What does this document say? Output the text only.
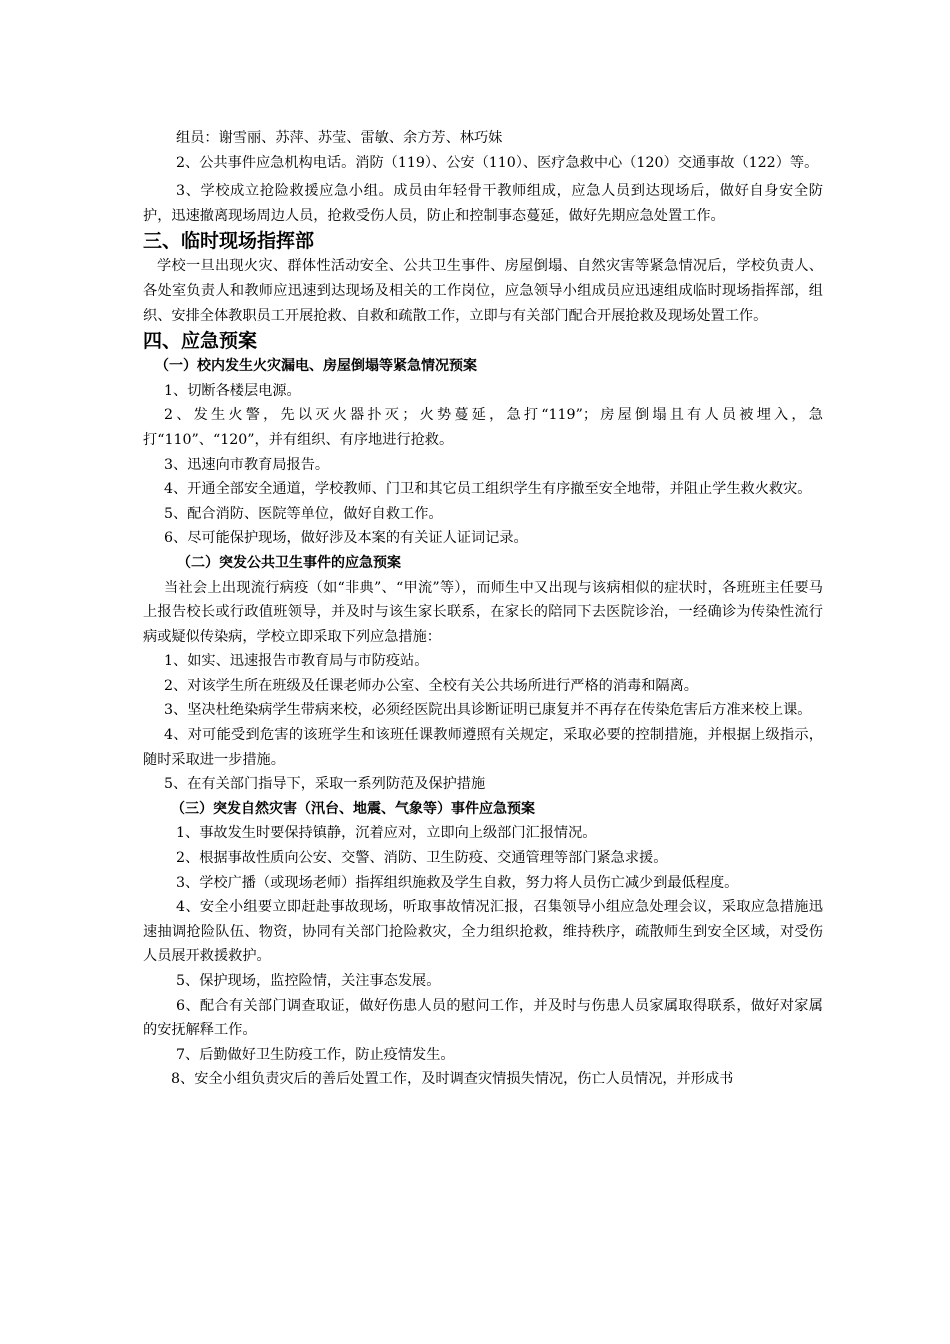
组员：谢雪丽、苏萍、苏莹、雷敏、余方芳、林巧妹

2、公共事件应急机构电话。消防（119）、公安（110）、医疗急救中心（120）交通事故（122）等。

3、学校成立抢险救援应急小组。成员由年轻骨干教师组成，应急人员到达现场后，做好自身安全防护，迅速撤离现场周边人员，抢救受伤人员，防止和控制事态蔓延，做好先期应急处置工作。

三、临时现场指挥部

学校一旦出现火灾、群体性活动安全、公共卫生事件、房屋倒塌、自然灾害等紧急情况后，学校负责人、各处室负责人和教师应迅速到达现场及相关的工作岗位，应急领导小组成员应迅速组成临时现场指挥部，组织、安排全体教职员工开展抢救、自救和疏散工作，立即与有关部门配合开展抢救及现场处置工作。

四、应急预案

（一）校内发生火灾漏电、房屋倒塌等紧急情况预案

1、切断各楼层电源。

2、发生火警，先以灭火器扑灭；火势蔓延，急打“119”；房屋倒塌且有人员被埋入，急打“110”、“120”，并有组织、有序地进行抢救。

3、迅速向市教育局报告。

4、开通全部安全通道，学校教师、门卫和其它员工组织学生有序撤至安全地带，并阻止学生救火救灾。

5、配合消防、医院等单位，做好自救工作。

6、尽可能保护现场，做好涉及本案的有关证人证词记录。

（二）突发公共卫生事件的应急预案

当社会上出现流行病疫（如“非典”、“甲流”等），而师生中又出现与该病相似的症状时，各班班主任要马上报告校长或行政值班领导，并及时与该生家长联系，在家长的陪同下去医院诊治，一经确诊为传染性流行病或疑似传染病，学校立即采取下列应急措施：

1、如实、迅速报告市教育局与市防疫站。

2、对该学生所在班级及任课老师办公室、全校有关公共场所进行严格的消毒和隔离。

3、坚决杜绝染病学生带病来校，必须经医院出具诊断证明已康复并不再存在传染危害后方准来校上课。

4、对可能受到危害的该班学生和该班任课教师遵照有关规定，采取必要的控制措施，并根据上级指示，随时采取进一步措施。

5、在有关部门指导下，采取一系列防范及保护措施

（三）突发自然灾害（汛台、地震、气象等）事件应急预案

1、事故发生时要保持镇静，沉着应对，立即向上级部门汇报情况。

2、根据事故性质向公安、交警、消防、卫生防疫、交通管理等部门紧急求援。

3、学校广播（或现场老师）指挥组织施救及学生自救，努力将人员伤亡减少到最低程度。

4、安全小组要立即赶赴事故现场，听取事故情况汇报，召集领导小组应急处理会议，采取应急措施迅速抽调抢险队伍、物资，协同有关部门抢险救灾，全力组织抢救，维持秩序，疏散师生到安全区域，对受伤人员展开救援救护。

5、保护现场，监控险情，关注事态发展。

6、配合有关部门调查取证，做好伤患人员的慰问工作，并及时与伤患人员家属取得联系，做好对家属的安抚解释工作。

7、后勤做好卫生防疫工作，防止疫情发生。

8、安全小组负责灾后的善后处置工作，及时调查灾情损失情况，伤亡人员情况，并形成书
